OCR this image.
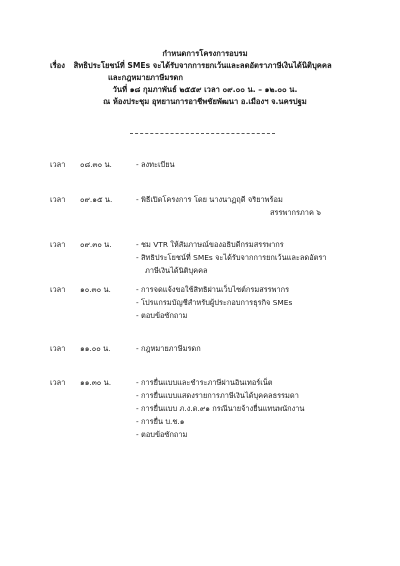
กำหนดการโครงการอบรม
เรื่อง สิทธิประโยชน์ที่ SMEs จะได้รับจากการยกเว้นและลดอัตราภาษีเงินได้นิติบุคคล
และกฎหมายภาษีมรดก
วันที่ ๑๘ กุมภาพันธ์ ๒๕๕๙ เวลา ๐๙.๐๐ น. – ๑๒.๐๐ น.
ณ ห้องประชุม อุทยานการอาชีพชัยพัฒนา อ.เมืองฯ จ.นครปฐม
เวลา ๐๘.๓๐ น.	- ลงทะเบียน
เวลา ๐๙.๑๕ น.	- พิธีเปิดโครงการ โดย นางนาฏฤดี จริยาพร้อม
สรรพากรภาค ๖
เวลา ๐๙.๓๐ น.	- ชม VTR ให้สัมภาษณ์ของอธิบดีกรมสรรพากร
- สิทธิประโยชน์ที่ SMEs จะได้รับจากการยกเว้นและลดอัตรา
ภาษีเงินได้นิติบุคคล
เวลา ๑๐.๓๐ น.	- การจดแจ้งขอใช้สิทธิผ่านเว็บไซต์กรมสรรพากร
- โปรแกรมบัญชีสำหรับผู้ประกอบการธุรกิจ SMEs
- ตอบข้อซักถาม
เวลา ๑๑.๐๐ น.	- กฎหมายภาษีมรดก
เวลา ๑๑.๓๐ น.	- การยื่นแบบและชำระภาษีผ่านอินเทอร์เน็ต
- การยื่นแบบแสดงรายการภาษีเงินได้บุคคลธรรมดา
- การยื่นแบบ ภ.ง.ด.๙๑ กรณีนายจ้างยื่นแทนพนักงาน
- การยื่น บ.ช.๑
- ตอบข้อซักถาม
